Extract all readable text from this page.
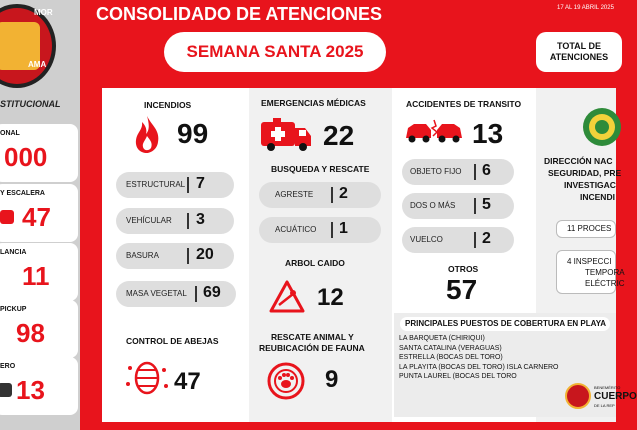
MOR
AMA
STITUCIONAL
ONAL
000
Y ESCALERA
47
LANCIA
11
PICKUP
98
ERO
13
CONSOLIDADO DE ATENCIONES	17 AL 19 ABRIL 2025
SEMANA SANTA 2025	TOTAL DE
ATENCIONES
INCENDIOS
99
ESTRUCTURAL 7
VEHÍCULAR 3
BASURA 20
MASA VEGETAL 69
CONTROL DE ABEJAS
47
EMERGENCIAS MÉDICAS
22
BUSQUEDA Y RESCATE
AGRESTE 2
ACUÁTICO 1
ARBOL CAIDO
12
RESCATE ANIMAL Y
REUBICACIÓN DE FAUNA
9
ACCIDENTES DE TRANSITO
13
OBJETO FIJO 6
DOS O MÁS 5
VUELCO 2
OTROS
57
DIRECCIÓN NAC
SEGURIDAD, PRE
INVESTIGAC
INCENDI
11 PROCES
4 INSPECCI
TEMPORA
ELÉCTRIC
PRINCIPALES PUESTOS DE COBERTURA EN PLAYA
LA BARQUETA (CHIRIQUI)
SANTA CATALINA (VERAGUAS)
ESTRELLA (BOCAS DEL TORO)
LA PLAYITA (BOCAS DEL TORO) ISLA CARNERO
PUNTA LAUREL (BOCAS DEL TORO
BENEMÉRITO
CUERPO
DE LA REP
